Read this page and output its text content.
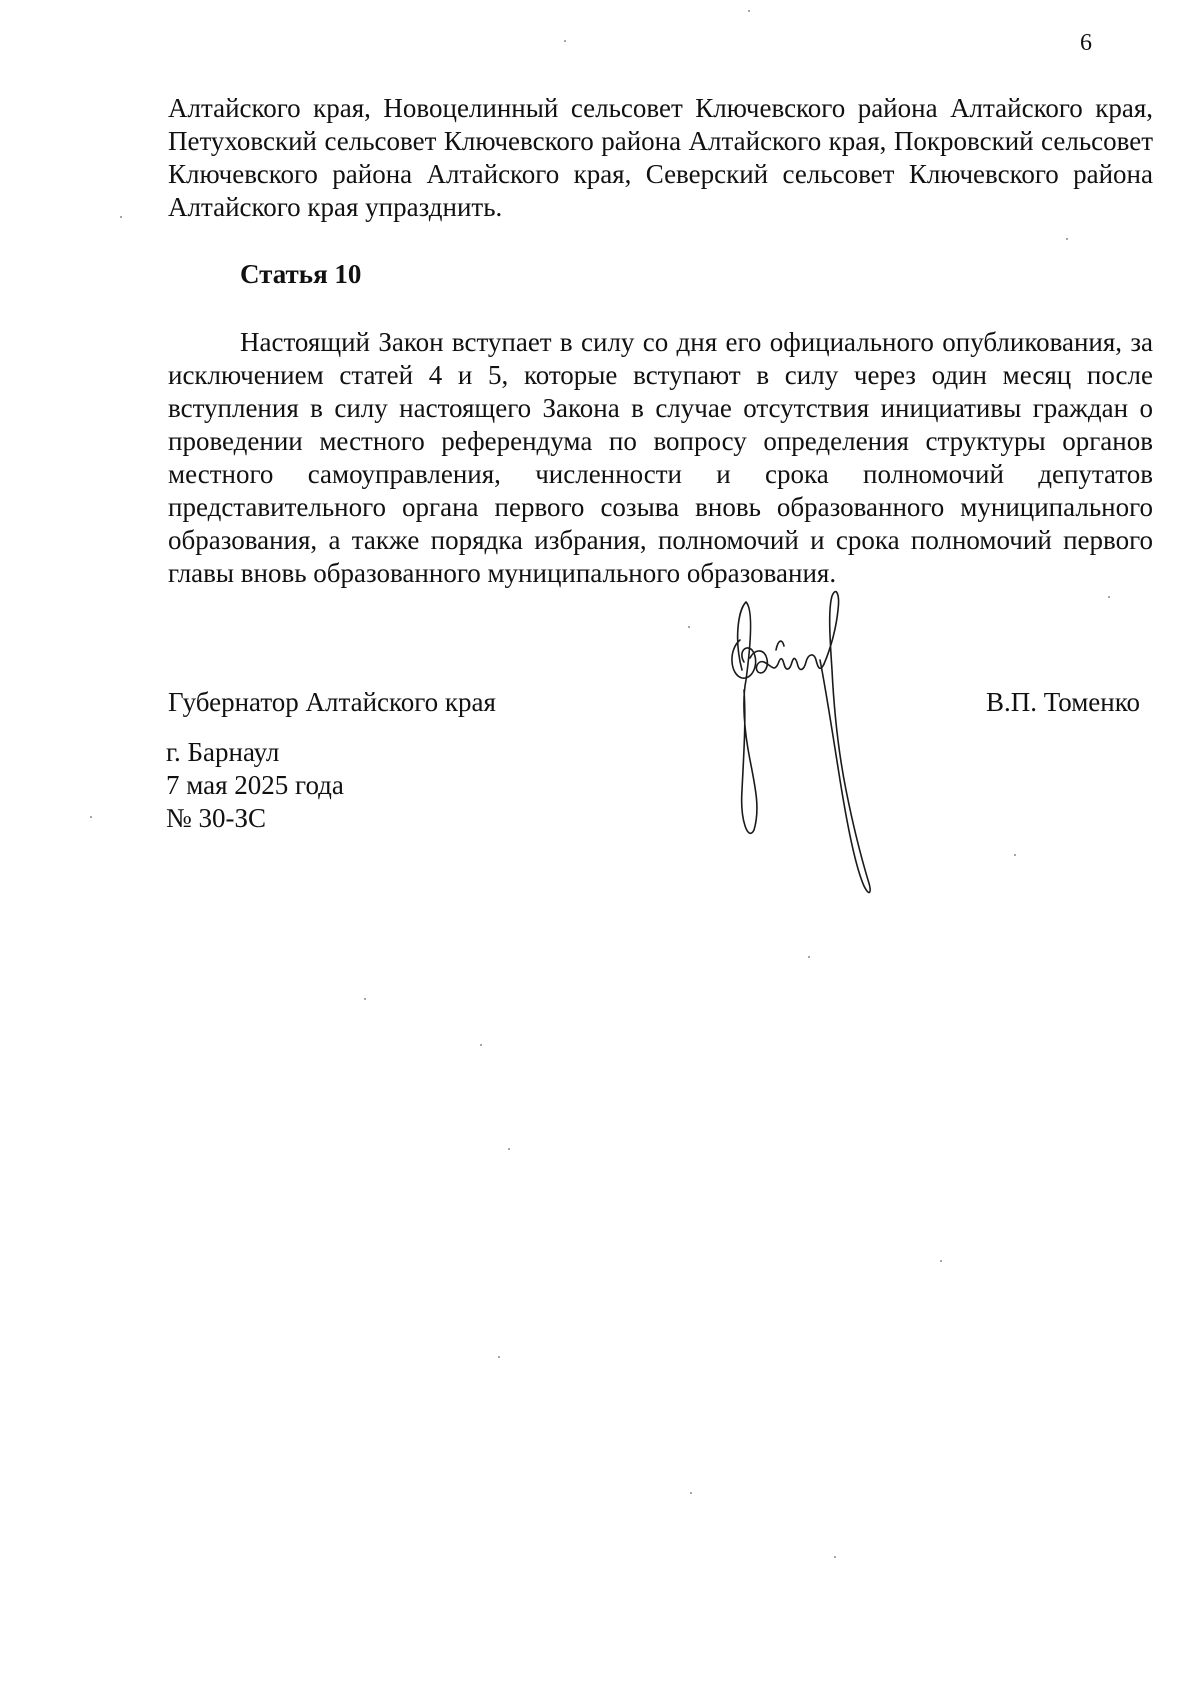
6
Алтайского края, Новоцелинный сельсовет Ключевского района Алтайского края, Петуховский сельсовет Ключевского района Алтайского края, Покровский сельсовет Ключевского района Алтайского края, Северский сельсовет Ключевского района Алтайского края упразднить.
Статья 10
Настоящий Закон вступает в силу со дня его официального опубликования, за исключением статей 4 и 5, которые вступают в силу через один месяц после вступления в силу настоящего Закона в случае отсутствия инициативы граждан о проведении местного референдума по вопросу определения структуры органов местного самоуправления, численности и срока полномочий депутатов представительного органа первого созыва вновь образованного муниципального образования, а также порядка избрания, полномочий и срока полномочий первого главы вновь образованного муниципального образования.
Губернатор Алтайского края	В.П. Томенко
г. Барнаул
7 мая 2025 года
№ 30-ЗС
